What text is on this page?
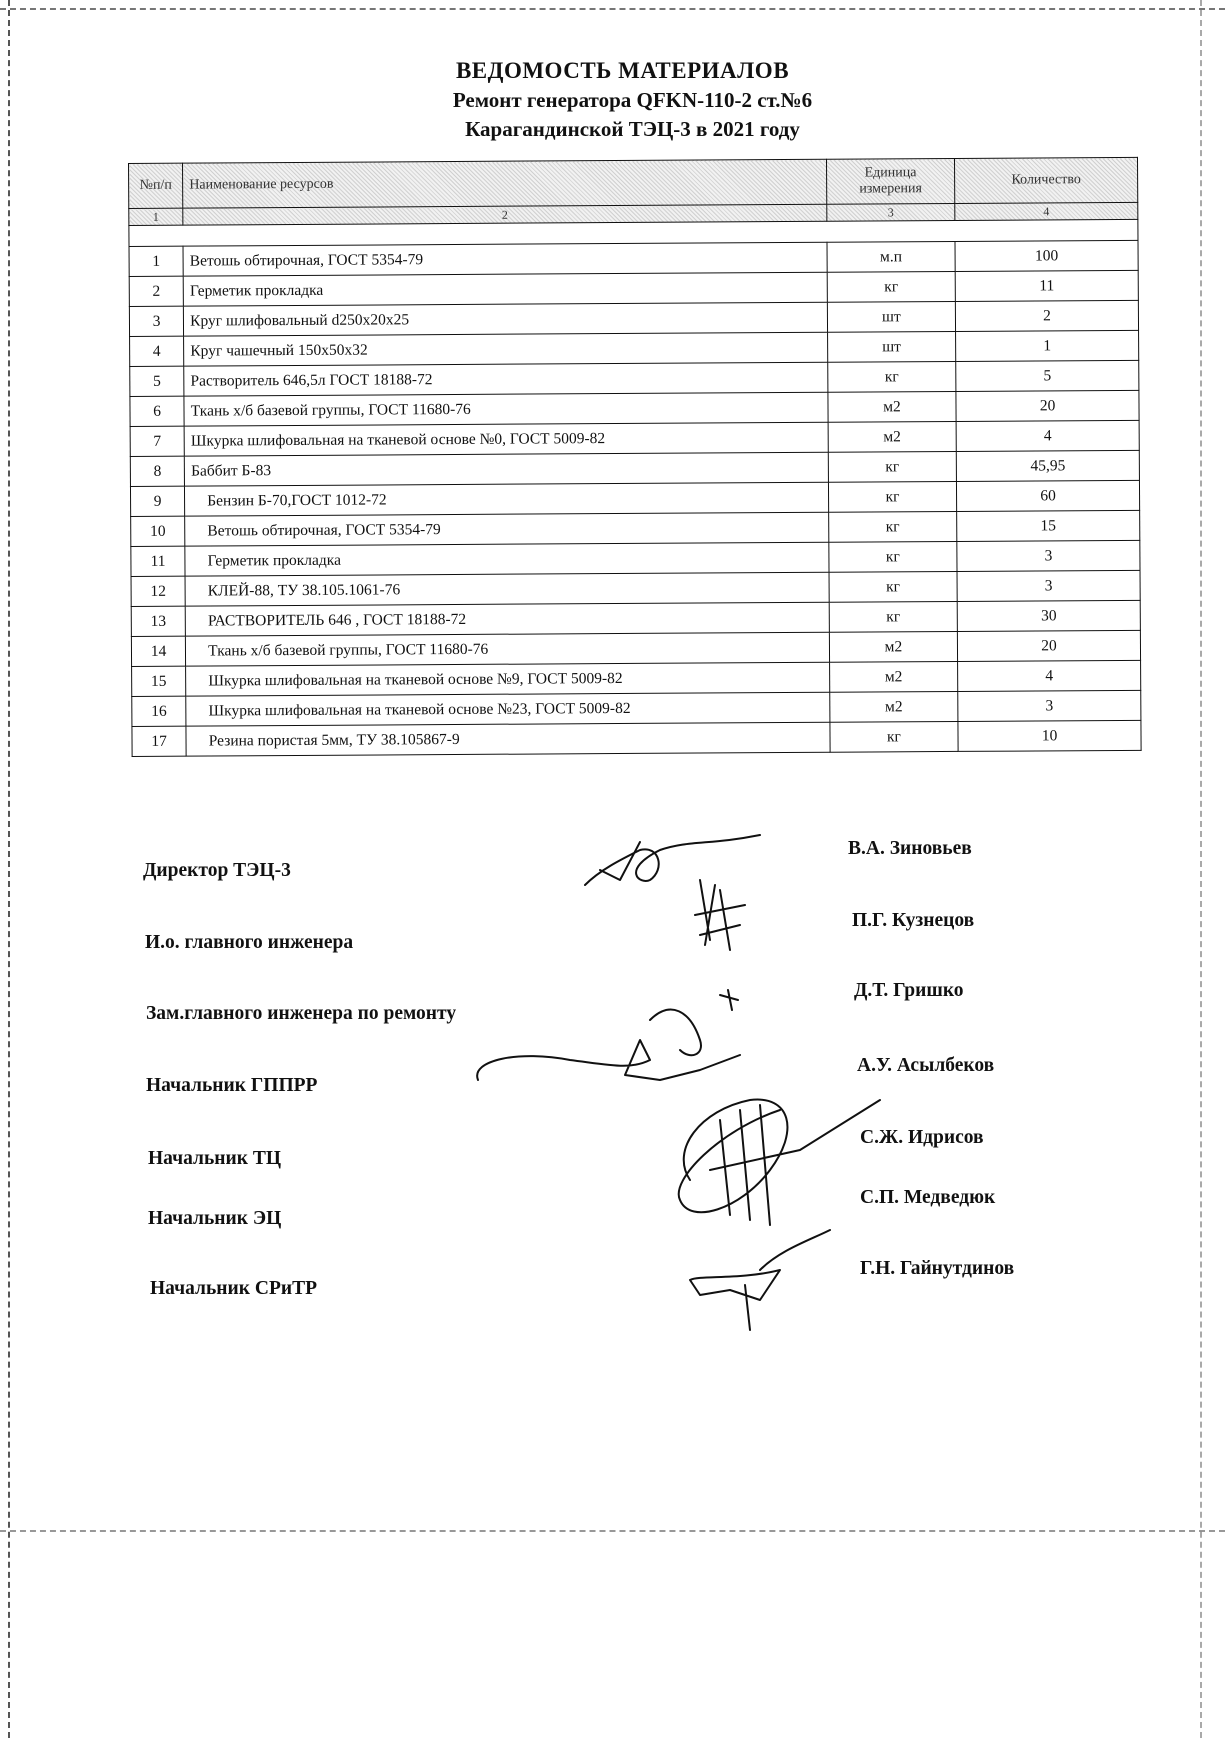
ВЕДОМОСТЬ МАТЕРИАЛОВ
Ремонт генератора QFKN-110-2 ст.№6
Карагандинской ТЭЦ-3 в 2021 году
№п/п	Наименование ресурсов	Единица измерения	Количество
1	2	3	4

1	Ветошь обтирочная, ГОСТ 5354-79	м.п	100
2	Герметик прокладка	кг	11
3	Круг шлифовальный d250x20x25	шт	2
4	Круг чашечный 150x50x32	шт	1
5	Растворитель 646,5л ГОСТ 18188-72	кг	5
6	Ткань х/б базевой группы, ГОСТ 11680-76	м2	20
7	Шкурка шлифовальная на тканевой основе №0, ГОСТ 5009-82	м2	4
8	Баббит Б-83	кг	45,95
9	Бензин Б-70,ГОСТ 1012-72	кг	60
10	Ветошь обтирочная, ГОСТ 5354-79	кг	15
11	Герметик прокладка	кг	3
12	КЛЕЙ-88, ТУ 38.105.1061-76	кг	3
13	РАСТВОРИТЕЛЬ 646 , ГОСТ 18188-72	кг	30
14	Ткань х/б базевой группы, ГОСТ 11680-76	м2	20
15	Шкурка шлифовальная на тканевой основе №9, ГОСТ 5009-82	м2	4
16	Шкурка шлифовальная на тканевой основе №23, ГОСТ 5009-82	м2	3
17	Резина пористая 5мм, ТУ 38.105867-9	кг	10
Директор ТЭЦ-3
В.А. Зиновьев
И.о. главного инженера
П.Г. Кузнецов
Зам.главного инженера по ремонту
Д.Т. Гришко
Начальник ГППРР
А.У. Асылбеков
Начальник ТЦ
С.Ж. Идрисов
Начальник ЭЦ
С.П. Медведюк
Начальник СРиТР
Г.Н. Гайнутдинов
